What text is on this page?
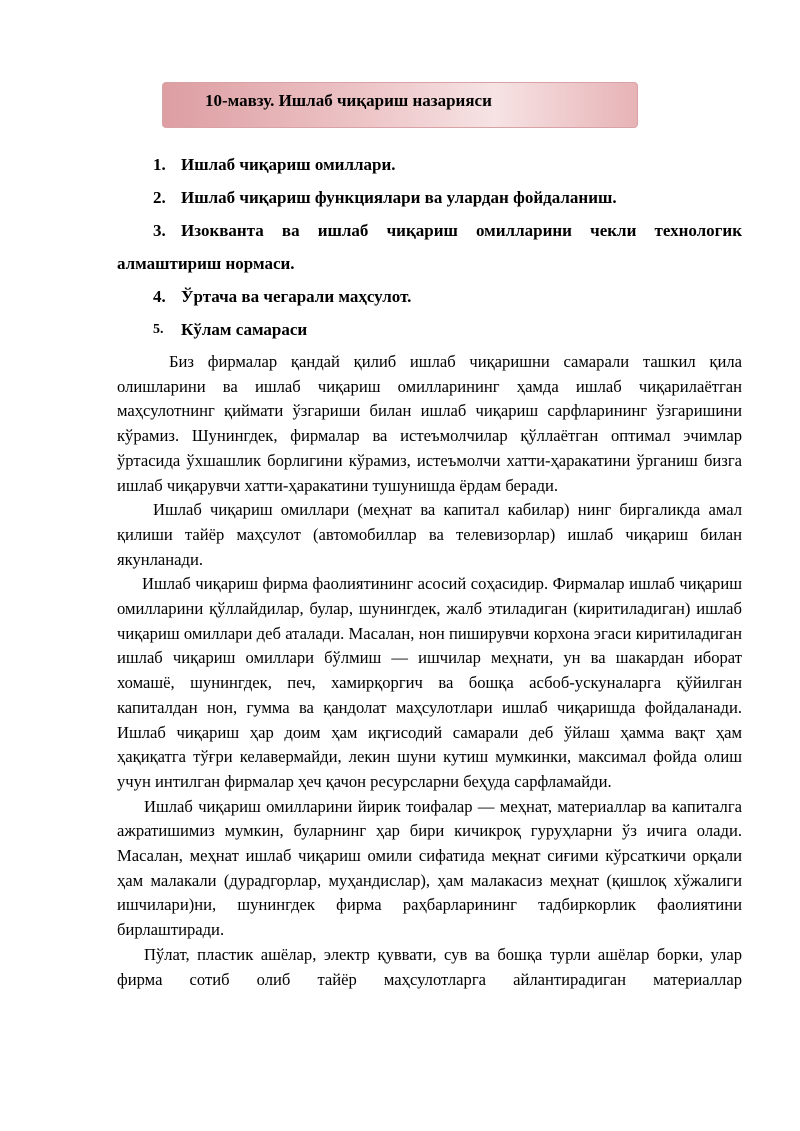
10-мавзу. Ишлаб чиқариш назарияси
1. Ишлаб чиқариш омиллари.
2. Ишлаб чиқариш функциялари ва улардан фойдаланиш.
3. Изокванта ва ишлаб чиқариш омилларини чекли технологик
алмаштириш нормаси.
4. Ўртача ва чегарали маҳсулот.
5. Кўлам самараси

Биз фирмалар қандай қилиб ишлаб чиқаришни самарали ташкил қила олишларини ва ишлаб чиқариш омилларининг ҳамда ишлаб чиқарилаётган маҳсулотнинг қиймати ўзгариши билан ишлаб чиқариш сарфларининг ўзгаришини кўрамиз. Шунингдек, фирмалар ва истеъмолчилар қўллаётган оптимал эчимлар ўртасида ўхшашлик борлигини кўрамиз, истеъмолчи хатти-ҳаракатини ўрганиш бизга ишлаб чиқарувчи хатти-ҳаракатини тушунишда ёрдам беради.

Ишлаб чиқариш омиллари (меҳнат ва капитал кабилар) нинг биргаликда амал қилиши тайёр маҳсулот (автомобиллар ва телевизорлар) ишлаб чиқариш билан якунланади.

Ишлаб чиқариш фирма фаолиятининг асосий соҳасидир. Фирмалар ишлаб чиқариш омилларини қўллайдилар, булар, шунингдек, жалб этиладиган (киритиладиган) ишлаб чиқариш омиллари деб аталади. Масалан, нон пиширувчи корхона эгаси киритиладиган ишлаб чиқариш омиллари бўлмиш — ишчилар меҳнати, ун ва шакардан иборат хомашё, шунингдек, печ, хамирқоргич ва бошқа асбоб-ускуналарга қўйилган капиталдан нон, гумма ва қандолат маҳсулотлари ишлаб чиқаришда фойдаланади. Ишлаб чиқариш ҳар доим ҳам иқгисодий самарали деб ўйлаш ҳамма вақт ҳам ҳақиқатга тўғри келавермайди, лекин шуни кутиш мумкинки, максимал фойда олиш учун интилган фирмалар ҳеч қачон ресурсларни беҳуда сарфламайди.

Ишлаб чиқариш омилларини йирик тоифалар — меҳнат, материаллар ва капиталга ажратишимиз мумкин, буларнинг ҳар бири кичикроқ гуруҳларни ўз ичига олади. Масалан, меҳнат ишлаб чиқариш омили сифатида меқнат сиғими кўрсаткичи орқали ҳам малакали (дурадгорлар, муҳандислар), ҳам малакасиз меҳнат (қишлоқ хўжалиги ишчилари)ни, шунингдек фирма раҳбарларининг тадбиркорлик фаолиятини бирлаштиради.

Пўлат, пластик ашёлар, электр қуввати, сув ва бошқа турли ашёлар борки, улар фирма сотиб олиб тайёр маҳсулотларга айлантирадиган материаллар
